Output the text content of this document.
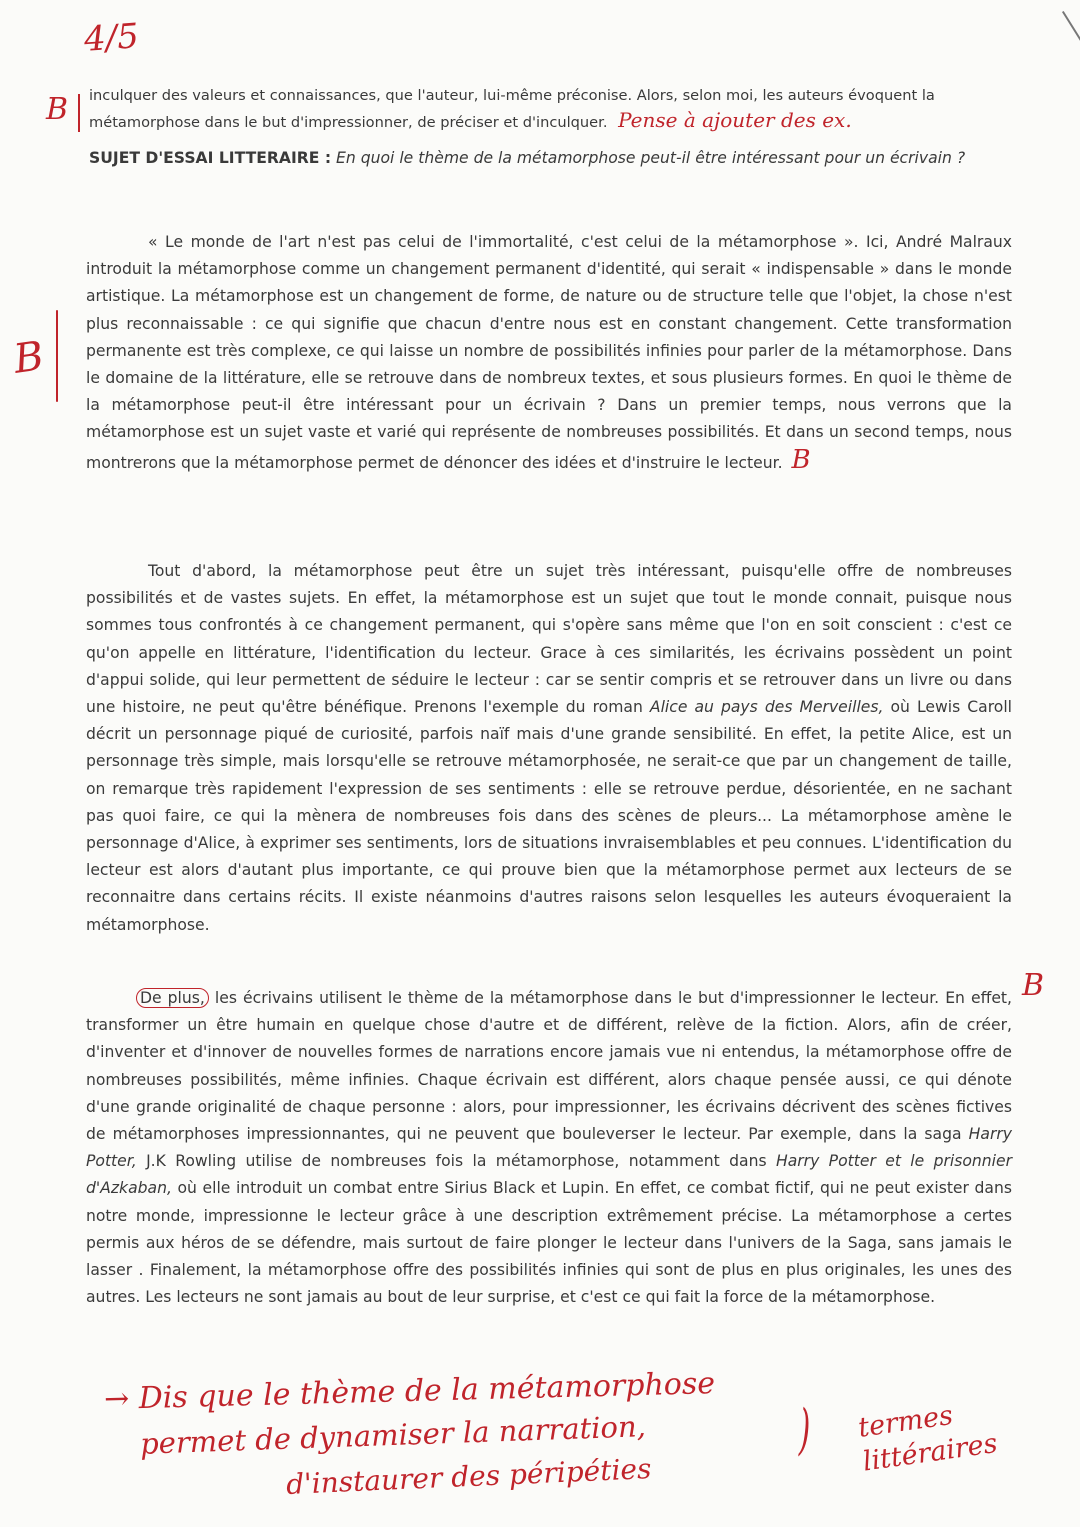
4/5
B inculquer des valeurs et connaissances, que l'auteur, lui-même préconise. Alors, selon moi, les auteurs évoquent la métamorphose dans le but d'impressionner, de préciser et d'inculquer. Pense à ajouter des ex.
SUJET D'ESSAI LITTERAIRE : En quoi le thème de la métamorphose peut-il être intéressant pour un écrivain ?
B
« Le monde de l'art n'est pas celui de l'immortalité, c'est celui de la métamorphose ». Ici, André Malraux introduit la métamorphose comme un changement permanent d'identité, qui serait « indispensable » dans le monde artistique. La métamorphose est un changement de forme, de nature ou de structure telle que l'objet, la chose n'est plus reconnaissable : ce qui signifie que chacun d'entre nous est en constant changement. Cette transformation permanente est très complexe, ce qui laisse un nombre de possibilités infinies pour parler de la métamorphose. Dans le domaine de la littérature, elle se retrouve dans de nombreux textes, et sous plusieurs formes. En quoi le thème de la métamorphose peut-il être intéressant pour un écrivain ? Dans un premier temps, nous verrons que la métamorphose est un sujet vaste et varié qui représente de nombreuses possibilités. Et dans un second temps, nous montrerons que la métamorphose permet de dénoncer des idées et d'instruire le lecteur. B
Tout d'abord, la métamorphose peut être un sujet très intéressant, puisqu'elle offre de nombreuses possibilités et de vastes sujets. En effet, la métamorphose est un sujet que tout le monde connait, puisque nous sommes tous confrontés à ce changement permanent, qui s'opère sans même que l'on en soit conscient : c'est ce qu'on appelle en littérature, l'identification du lecteur. Grace à ces similarités, les écrivains possèdent un point d'appui solide, qui leur permettent de séduire le lecteur : car se sentir compris et se retrouver dans un livre ou dans une histoire, ne peut qu'être bénéfique. Prenons l'exemple du roman Alice au pays des Merveilles, où Lewis Caroll décrit un personnage piqué de curiosité, parfois naïf mais d'une grande sensibilité. En effet, la petite Alice, est un personnage très simple, mais lorsqu'elle se retrouve métamorphosée, ne serait-ce que par un changement de taille, on remarque très rapidement l'expression de ses sentiments : elle se retrouve perdue, désorientée, en ne sachant pas quoi faire, ce qui la mènera de nombreuses fois dans des scènes de pleurs... La métamorphose amène le personnage d'Alice, à exprimer ses sentiments, lors de situations invraisemblables et peu connues. L'identification du lecteur est alors d'autant plus importante, ce qui prouve bien que la métamorphose permet aux lecteurs de se reconnaitre dans certains récits. Il existe néanmoins d'autres raisons selon lesquelles les auteurs évoqueraient la métamorphose.
De plus, les écrivains utilisent le thème de la métamorphose dans le but d'impressionner le lecteur. En effet, transformer un être humain en quelque chose d'autre et de différent, relève de la fiction. Alors, afin de créer, d'inventer et d'innover de nouvelles formes de narrations encore jamais vue ni entendus, la métamorphose offre de nombreuses possibilités, même infinies. Chaque écrivain est différent, alors chaque pensée aussi, ce qui dénote d'une grande originalité de chaque personne : alors, pour impressionner, les écrivains décrivent des scènes fictives de métamorphoses impressionnantes, qui ne peuvent que bouleverser le lecteur. Par exemple, dans la saga Harry Potter, J.K Rowling utilise de nombreuses fois la métamorphose, notamment dans Harry Potter et le prisonnier d'Azkaban, où elle introduit un combat entre Sirius Black et Lupin. En effet, ce combat fictif, qui ne peut exister dans notre monde, impressionne le lecteur grâce à une description extrêmement précise. La métamorphose a certes permis aux héros de se défendre, mais surtout de faire plonger le lecteur dans l'univers de la Saga, sans jamais le lasser . Finalement, la métamorphose offre des possibilités infinies qui sont de plus en plus originales, les unes des autres. Les lecteurs ne sont jamais au bout de leur surprise, et c'est ce qui fait la force de la métamorphose.
B
→ Dis que le thème de la métamorphose
permet de dynamiser la narration,
d'instaurer des péripéties
) termes littéraires
